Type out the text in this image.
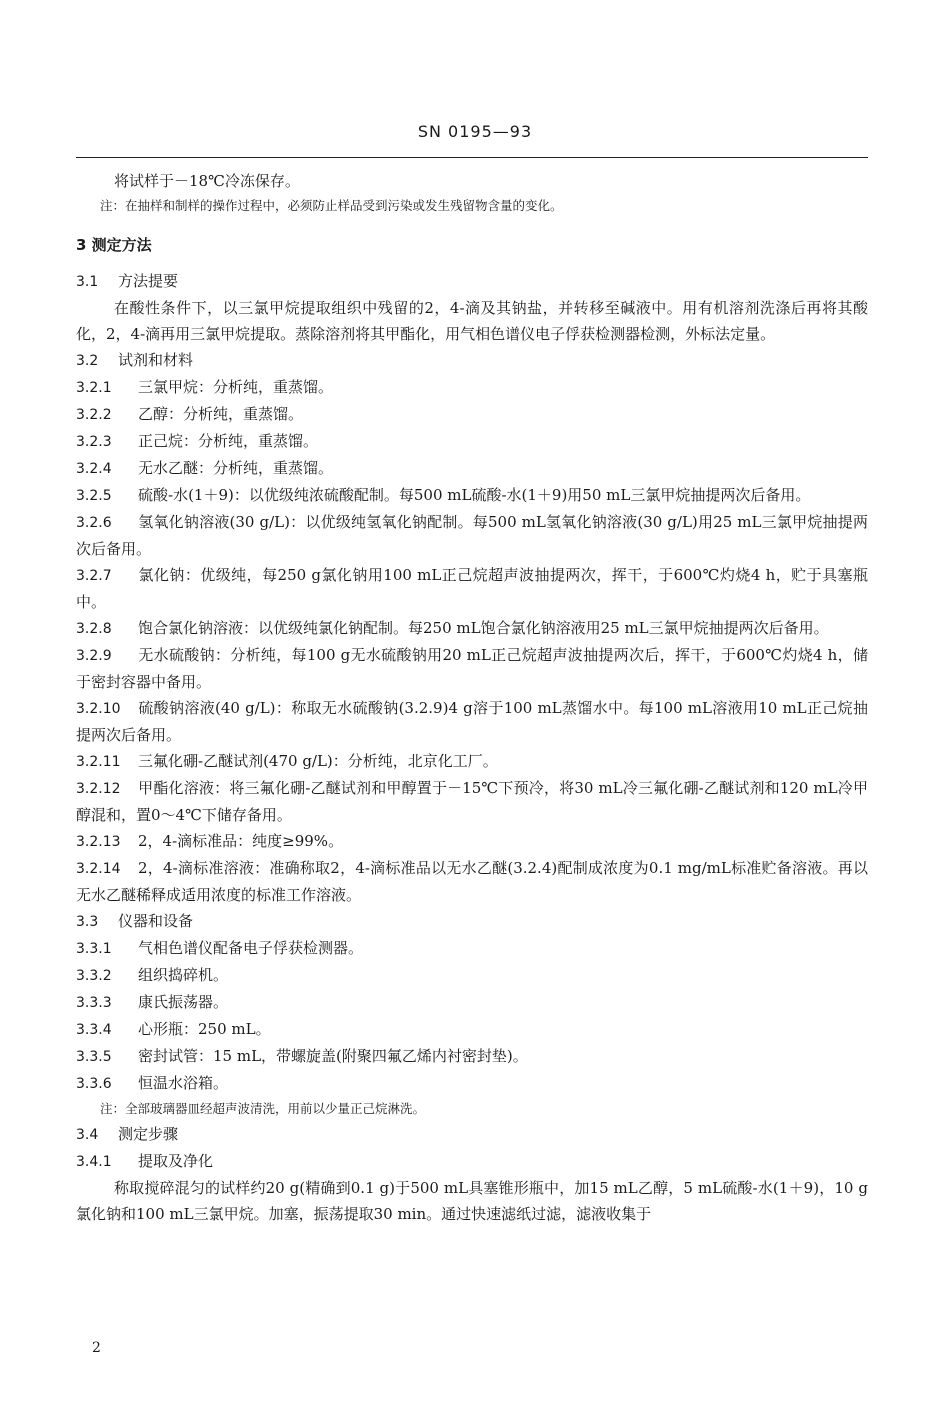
SN 0195—93
将试样于－18℃冷冻保存。
注：在抽样和制样的操作过程中，必须防止样品受到污染或发生残留物含量的变化。
3 测定方法
3.1 方法提要
在酸性条件下，以三氯甲烷提取组织中残留的2，4-滴及其钠盐，并转移至碱液中。用有机溶剂洗涤后再将其酸化，2，4-滴再用三氯甲烷提取。蒸除溶剂将其甲酯化，用气相色谱仪电子俘获检测器检测，外标法定量。
3.2 试剂和材料
3.2.1 三氯甲烷：分析纯，重蒸馏。
3.2.2 乙醇：分析纯，重蒸馏。
3.2.3 正己烷：分析纯，重蒸馏。
3.2.4 无水乙醚：分析纯，重蒸馏。
3.2.5 硫酸-水(1＋9)：以优级纯浓硫酸配制。每500 mL硫酸-水(1＋9)用50 mL三氯甲烷抽提两次后备用。
3.2.6 氢氧化钠溶液(30 g/L)：以优级纯氢氧化钠配制。每500 mL氢氧化钠溶液(30 g/L)用25 mL三氯甲烷抽提两次后备用。
3.2.7 氯化钠：优级纯，每250 g氯化钠用100 mL正己烷超声波抽提两次，挥干，于600℃灼烧4 h，贮于具塞瓶中。
3.2.8 饱合氯化钠溶液：以优级纯氯化钠配制。每250 mL饱合氯化钠溶液用25 mL三氯甲烷抽提两次后备用。
3.2.9 无水硫酸钠：分析纯，每100 g无水硫酸钠用20 mL正己烷超声波抽提两次后，挥干，于600℃灼烧4 h，储于密封容器中备用。
3.2.10 硫酸钠溶液(40 g/L)：称取无水硫酸钠(3.2.9)4 g溶于100 mL蒸馏水中。每100 mL溶液用10 mL正己烷抽提两次后备用。
3.2.11 三氟化硼-乙醚试剂(470 g/L)：分析纯，北京化工厂。
3.2.12 甲酯化溶液：将三氟化硼-乙醚试剂和甲醇置于－15℃下预冷，将30 mL冷三氟化硼-乙醚试剂和120 mL冷甲醇混和，置0～4℃下储存备用。
3.2.13 2，4-滴标准品：纯度≥99%。
3.2.14 2，4-滴标准溶液：准确称取2，4-滴标准品以无水乙醚(3.2.4)配制成浓度为0.1 mg/mL标准贮备溶液。再以无水乙醚稀释成适用浓度的标准工作溶液。
3.3 仪器和设备
3.3.1 气相色谱仪配备电子俘获检测器。
3.3.2 组织捣碎机。
3.3.3 康氏振荡器。
3.3.4 心形瓶：250 mL。
3.3.5 密封试管：15 mL，带螺旋盖(附聚四氟乙烯内衬密封垫)。
3.3.6 恒温水浴箱。
注：全部玻璃器皿经超声波清洗，用前以少量正己烷淋洗。
3.4 测定步骤
3.4.1 提取及净化
称取搅碎混匀的试样约20 g(精确到0.1 g)于500 mL具塞锥形瓶中，加15 mL乙醇，5 mL硫酸-水(1＋9)，10 g氯化钠和100 mL三氯甲烷。加塞，振荡提取30 min。通过快速滤纸过滤，滤液收集于
2
